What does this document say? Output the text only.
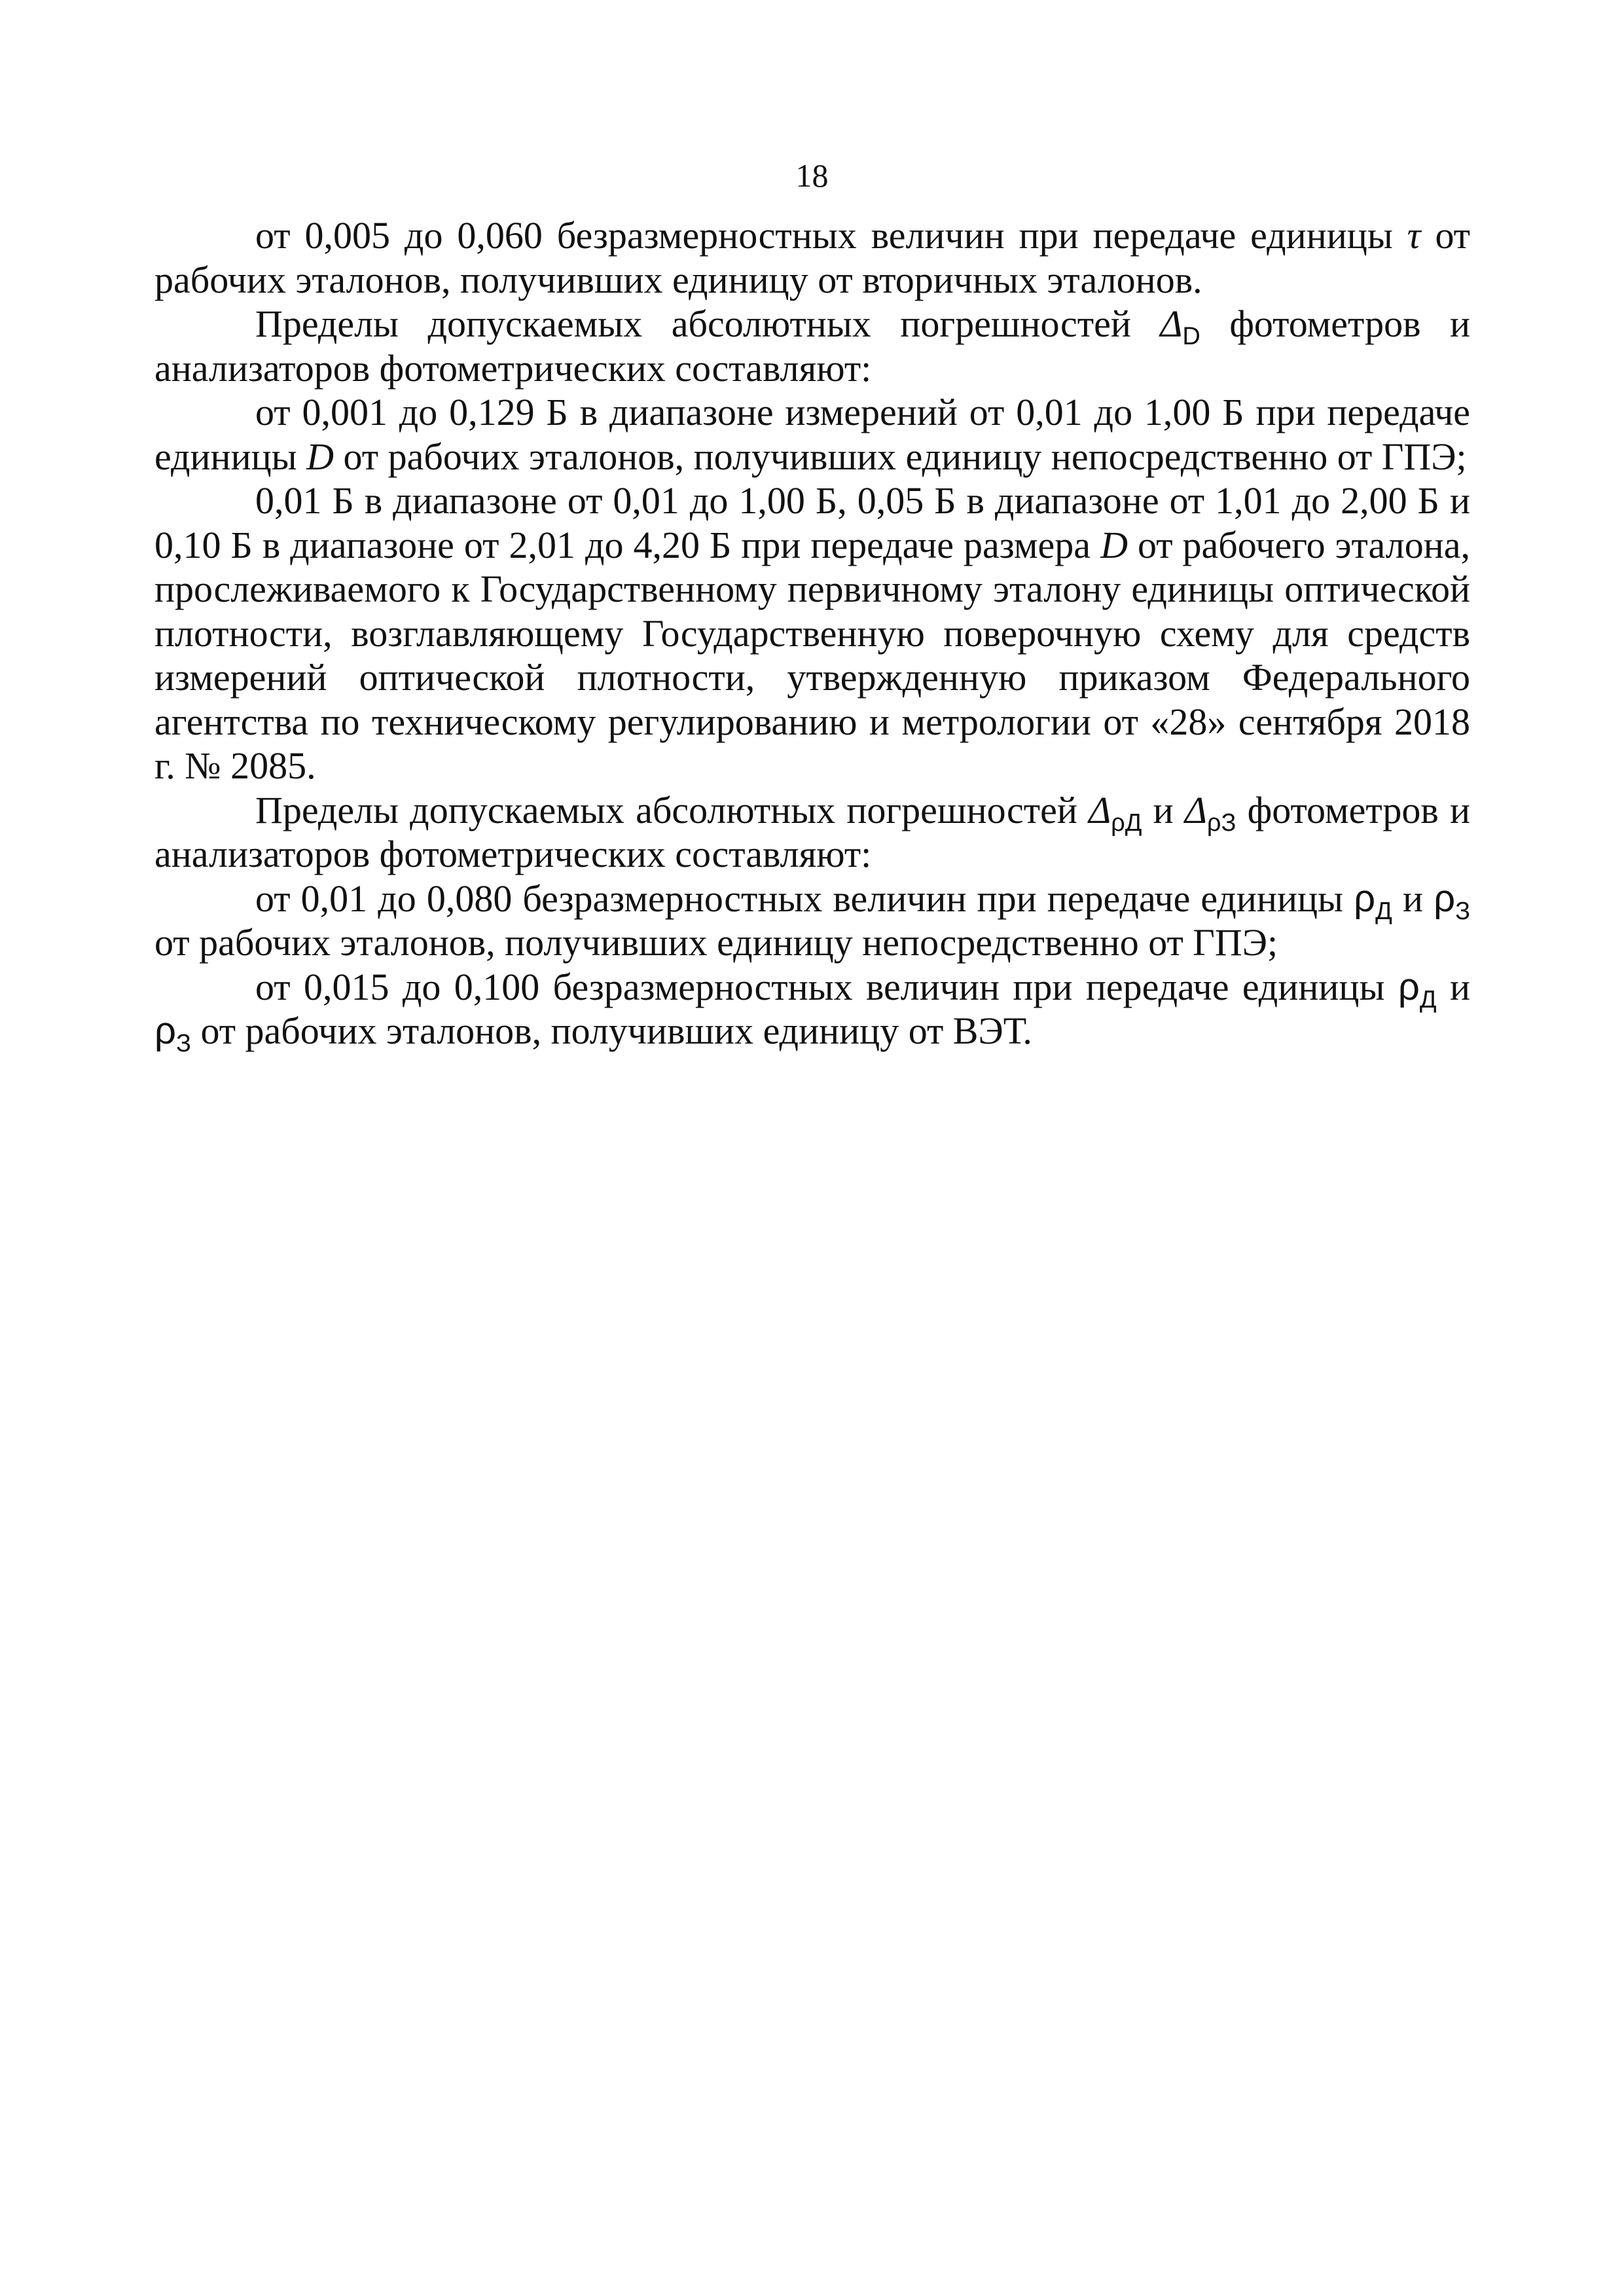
18

от 0,005 до 0,060 безразмерностных величин при передаче единицы τ от рабочих эталонов, получивших единицу от вторичных эталонов.

Пределы допускаемых абсолютных погрешностей $\Delta_D$ фотометров и анализаторов фотометрических составляют:

от 0,001 до 0,129 Б в диапазоне измерений от 0,01 до 1,00 Б при передаче единицы D от рабочих эталонов, получивших единицу непосредственно от ГПЭ;

0,01 Б в диапазоне от 0,01 до 1,00 Б, 0,05 Б в диапазоне от 1,01 до 2,00 Б и 0,10 Б в диапазоне от 2,01 до 4,20 Б при передаче размера D от рабочего эталона, прослеживаемого к Государственному первичному эталону единицы оптической плотности, возглавляющему Государственную поверочную схему для средств измерений оптической плотности, утвержденную приказом Федерального агентства по техническому регулированию и метрологии от «28» сентября 2018 г. № 2085.

Пределы допускаемых абсолютных погрешностей $\Delta_{\rho Д}$ и $\Delta_{\rho З}$ фотометров и анализаторов фотометрических составляют:

от 0,01 до 0,080 безразмерностных величин при передаче единицы $\rho_Д$ и $\rho_З$ от рабочих эталонов, получивших единицу непосредственно от ГПЭ;

от 0,015 до 0,100 безразмерностных величин при передаче единицы $\rho_Д$ и $\rho_З$ от рабочих эталонов, получивших единицу от ВЭТ.
